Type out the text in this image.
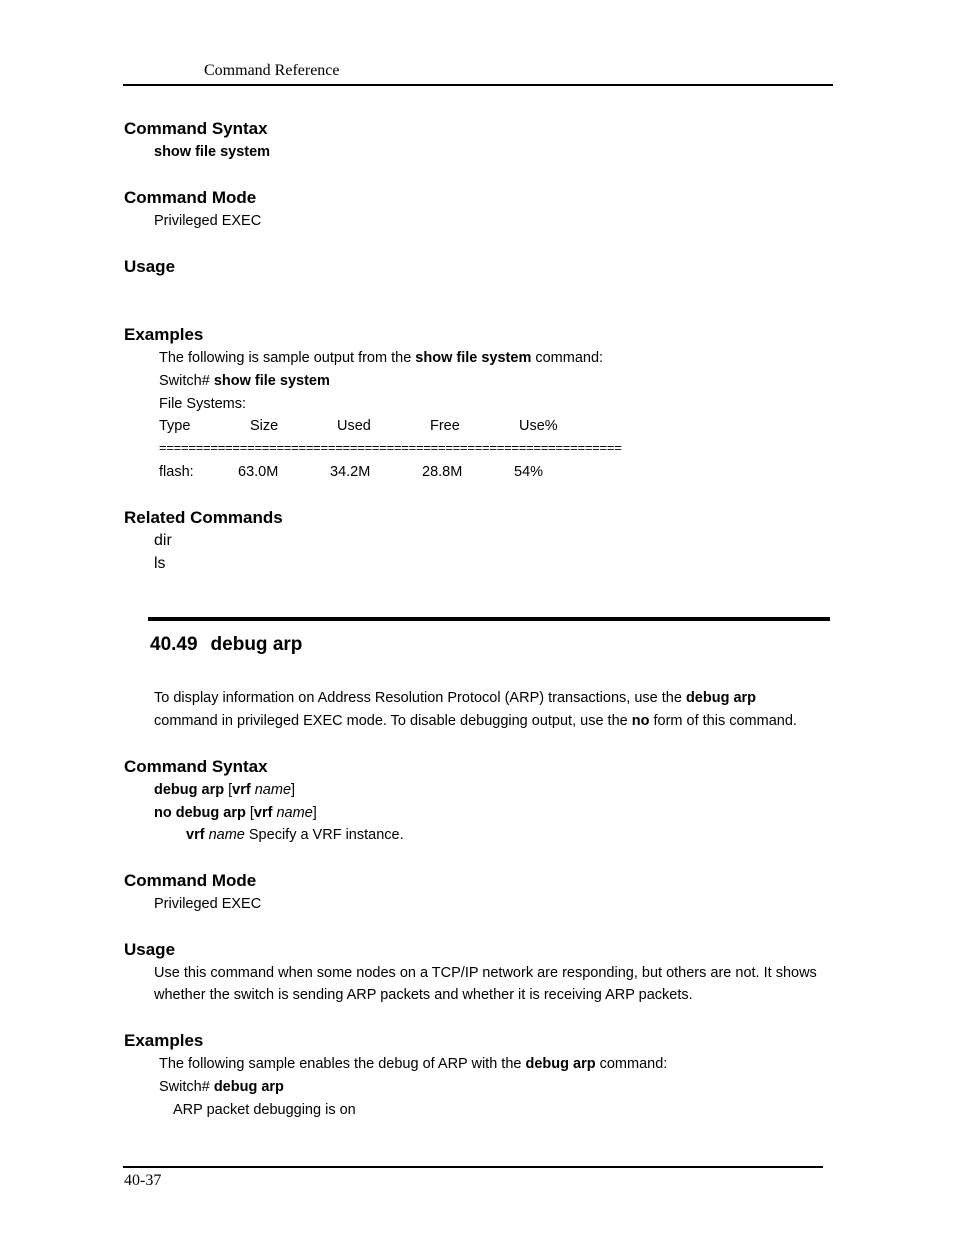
Command Reference
Command Syntax
show file system
Command Mode
Privileged EXEC
Usage
Examples
The following is sample output from the show file system command:
Switch# show file system
File Systems:
Type	Size	Used	Free	Use%
===============================================================
flash:	63.0M	34.2M	28.8M	54%
Related Commands
dir
ls
40.49 debug arp
To display information on Address Resolution Protocol (ARP) transactions, use the debug arp
command in privileged EXEC mode. To disable debugging output, use the no form of this command.
Command Syntax
debug arp [vrf name]
no debug arp [vrf name]
vrf name Specify a VRF instance.
Command Mode
Privileged EXEC
Usage
Use this command when some nodes on a TCP/IP network are responding, but others are not. It shows
whether the switch is sending ARP packets and whether it is receiving ARP packets.
Examples
The following sample enables the debug of ARP with the debug arp command:
Switch# debug arp
ARP packet debugging is on
40-37
